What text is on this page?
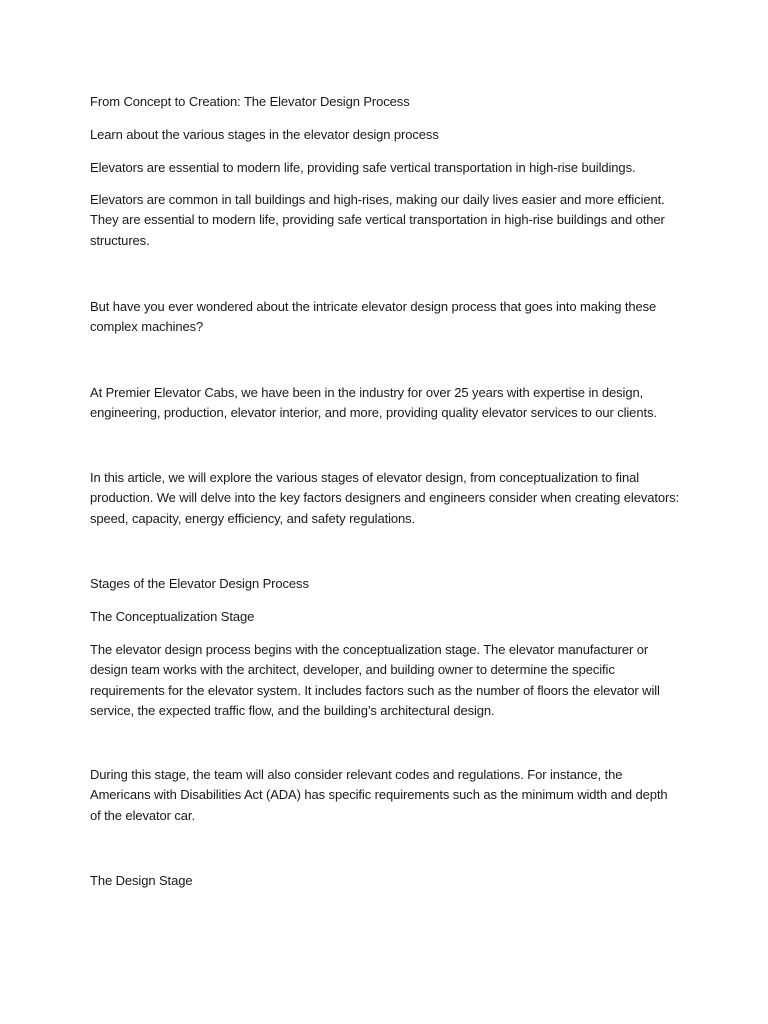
From Concept to Creation: The Elevator Design Process

Learn about the various stages in the elevator design process

Elevators are essential to modern life, providing safe vertical transportation in high-rise buildings.

Elevators are common in tall buildings and high-rises, making our daily lives easier and more efficient.
They are essential to modern life, providing safe vertical transportation in high-rise buildings and other
structures.

But have you ever wondered about the intricate elevator design process that goes into making these
complex machines?

At Premier Elevator Cabs, we have been in the industry for over 25 years with expertise in design,
engineering, production, elevator interior, and more, providing quality elevator services to our clients.

In this article, we will explore the various stages of elevator design, from conceptualization to final
production. We will delve into the key factors designers and engineers consider when creating elevators:
speed, capacity, energy efficiency, and safety regulations.

Stages of the Elevator Design Process

The Conceptualization Stage

The elevator design process begins with the conceptualization stage. The elevator manufacturer or
design team works with the architect, developer, and building owner to determine the specific
requirements for the elevator system. It includes factors such as the number of floors the elevator will
service, the expected traffic flow, and the building’s architectural design.

During this stage, the team will also consider relevant codes and regulations. For instance, the
Americans with Disabilities Act (ADA) has specific requirements such as the minimum width and depth
of the elevator car.

The Design Stage
